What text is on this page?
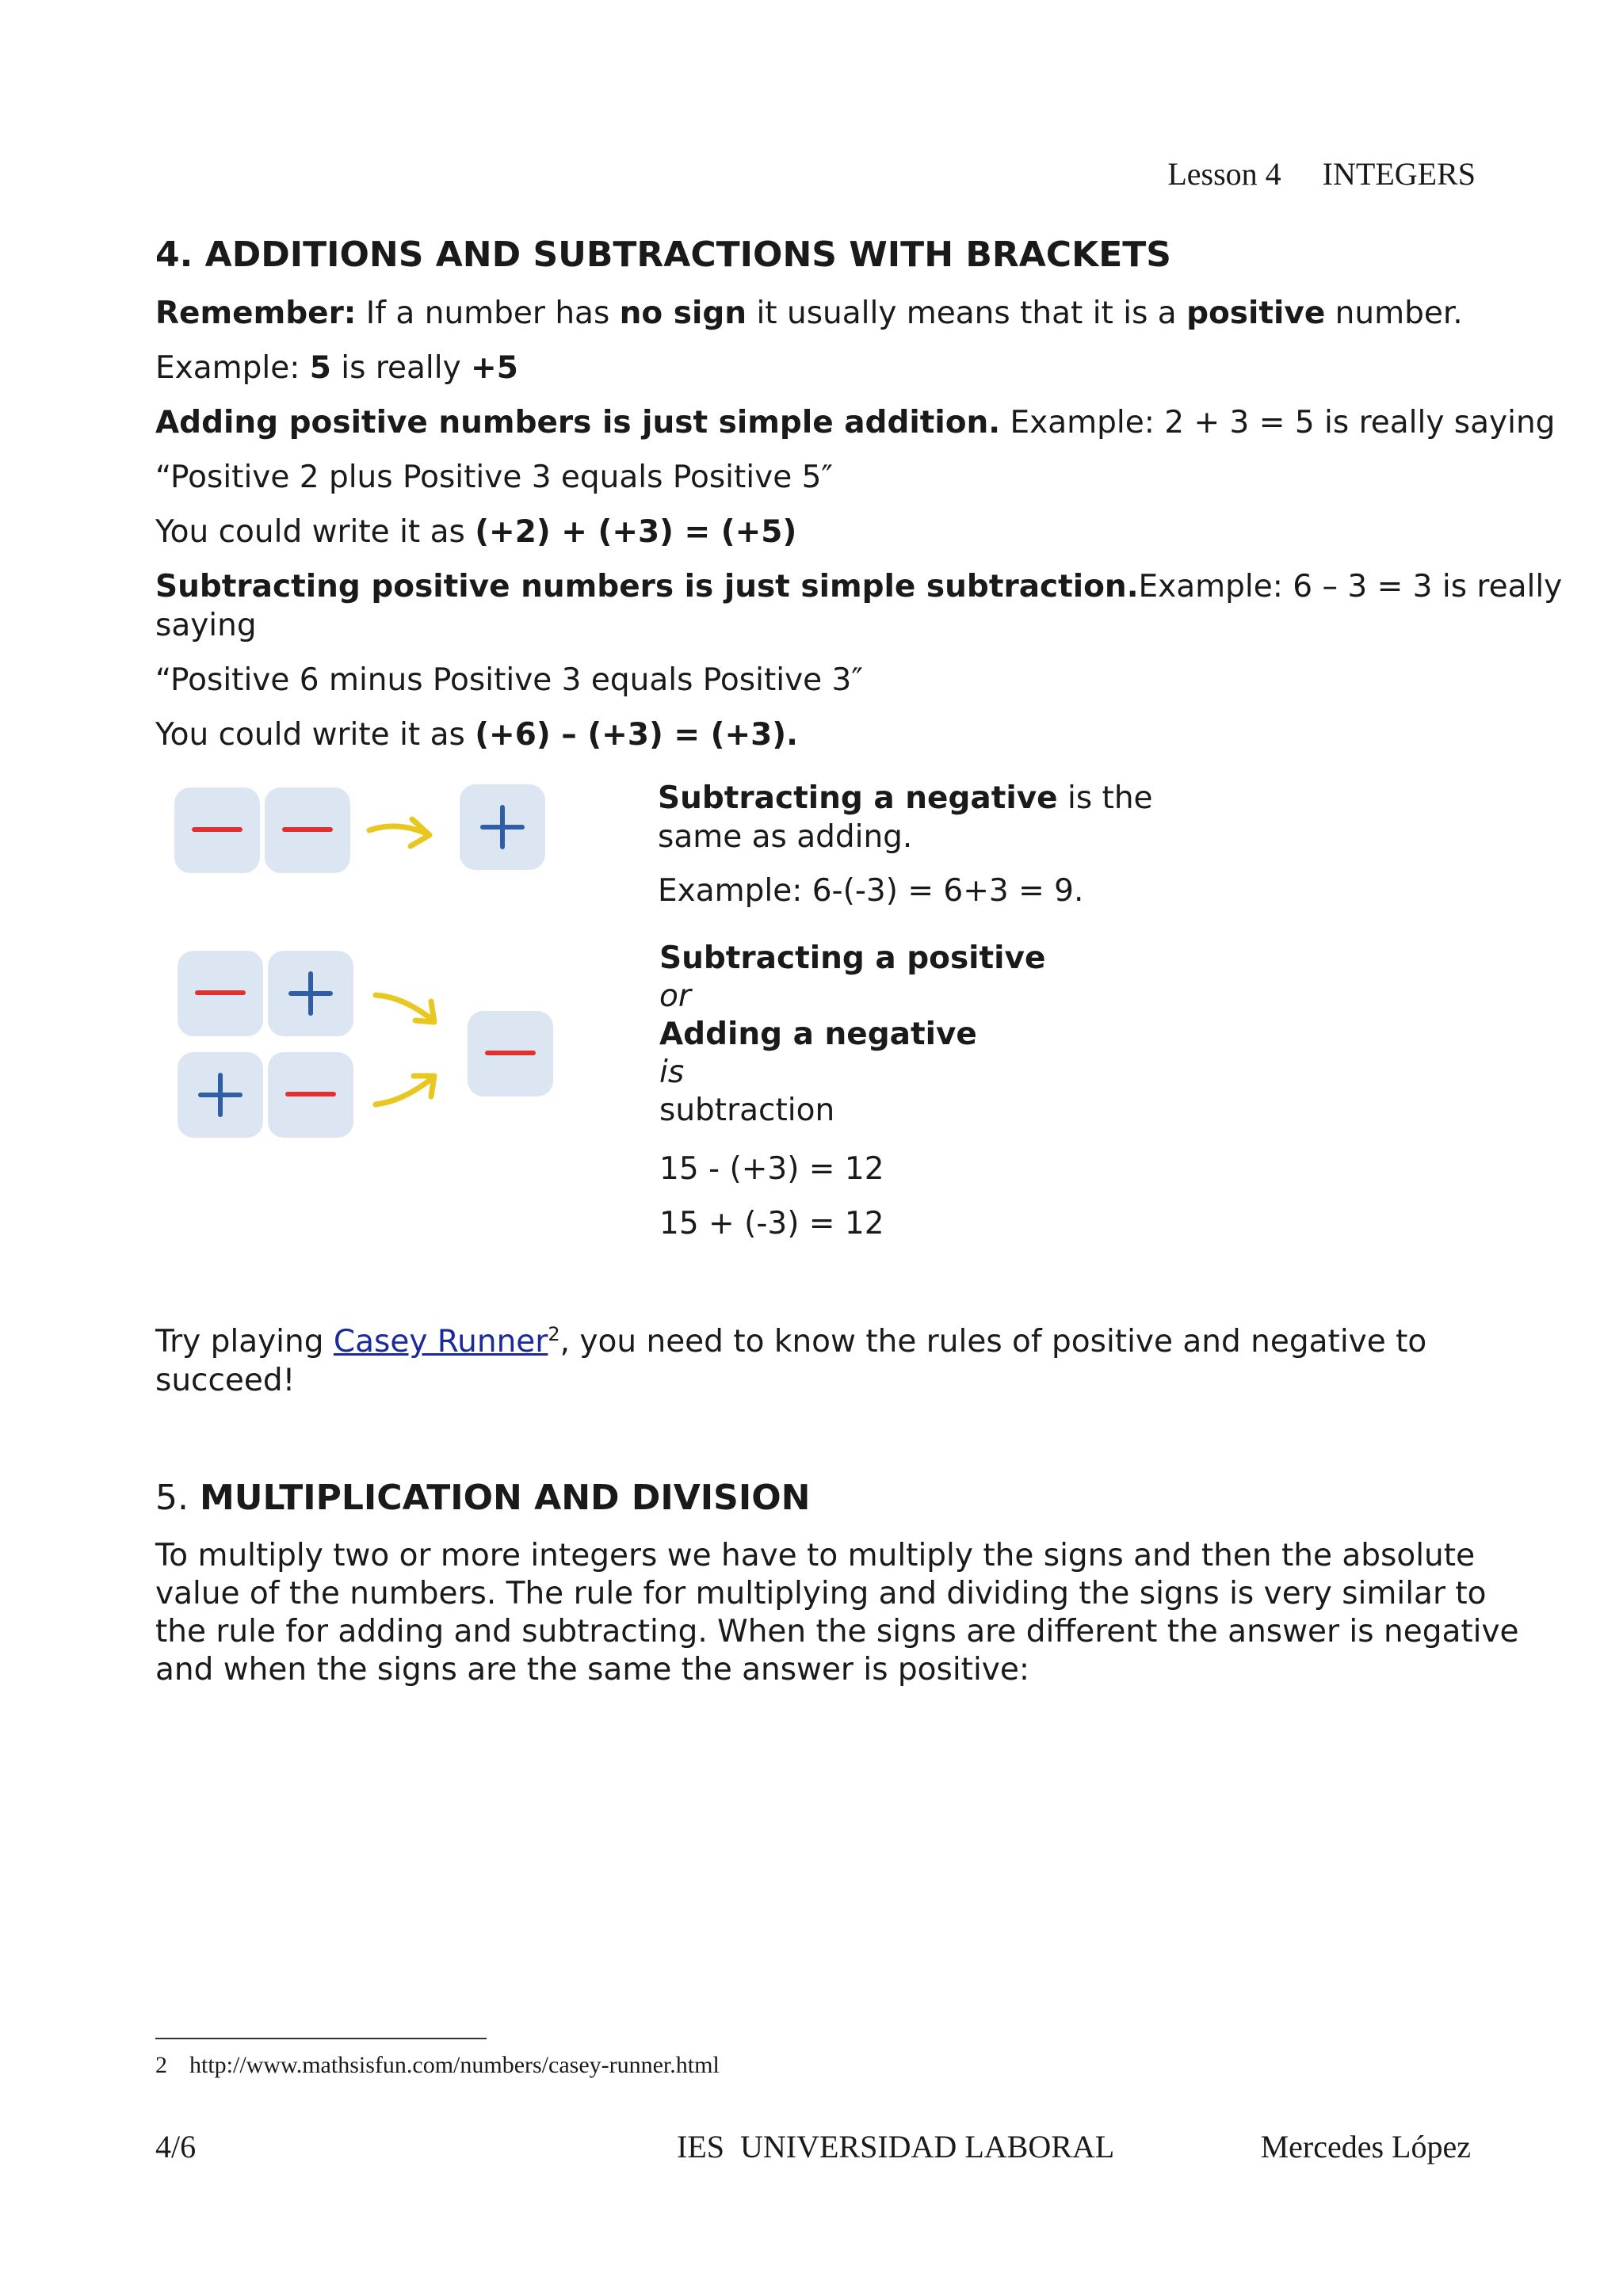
Lesson 4 INTEGERS
4. ADDITIONS AND SUBTRACTIONS WITH BRACKETS
Remember: If a number has no sign it usually means that it is a positive number.
Example: 5 is really +5
Adding positive numbers is just simple addition. Example: 2 + 3 = 5 is really saying
“Positive 2 plus Positive 3 equals Positive 5″
You could write it as (+2) + (+3) = (+5)
Subtracting positive numbers is just simple subtraction.Example: 6 – 3 = 3 is really
saying
“Positive 6 minus Positive 3 equals Positive 3″
You could write it as (+6) – (+3) = (+3).
Subtracting a negative is the
same as adding.
Example: 6-(-3) = 6+3 = 9.
Subtracting a positive
or
Adding a negative
is
subtraction
15 - (+3) = 12
15 + (-3) = 12
Try playing Casey Runner$^2$, you need to know the rules of positive and negative to
succeed!
5. MULTIPLICATION AND DIVISION
To multiply two or more integers we have to multiply the signs and then the absolute
value of the numbers. The rule for multiplying and dividing the signs is very similar to
the rule for adding and subtracting. When the signs are different the answer is negative
and when the signs are the same the answer is positive:
2 http://www.mathsisfun.com/numbers/casey-runner.html
4/6	IES  UNIVERSIDAD LABORAL	Mercedes López
